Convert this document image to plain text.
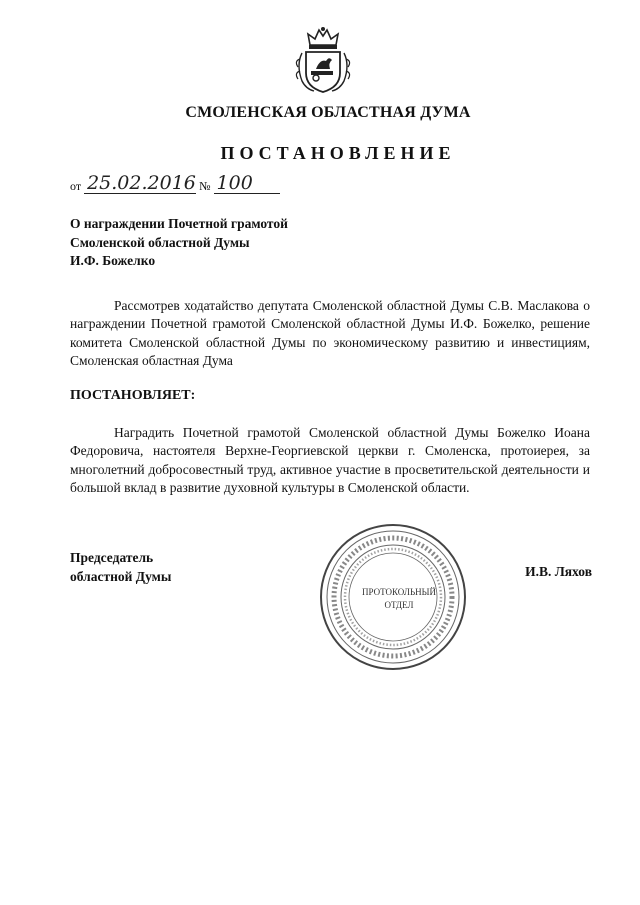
СМОЛЕНСКАЯ ОБЛАСТНАЯ ДУМА
ПОСТАНОВЛЕНИЕ
от 25.02.2016 № 100
О награждении Почетной грамотой
Смоленской областной Думы
И.Ф. Божелко
Рассмотрев ходатайство депутата Смоленской областной Думы С.В. Маслакова о награждении Почетной грамотой Смоленской областной Думы И.Ф. Божелко, решение комитета Смоленской областной Думы по экономическому развитию и инвестициям, Смоленская областная Дума
ПОСТАНОВЛЯЕТ:
Наградить Почетной грамотой Смоленской областной Думы Божелко Иоана Федоровича, настоятеля Верхне-Георгиевской церкви г. Смоленска, протоиерея, за многолетний добросовестный труд, активное участие в просветительской деятельности и большой вклад в развитие духовной культуры в Смоленской области.
Председатель
областной Думы
ПРОТОКОЛЬНЫЙ
ОТДЕЛ
И.В. Ляхов
